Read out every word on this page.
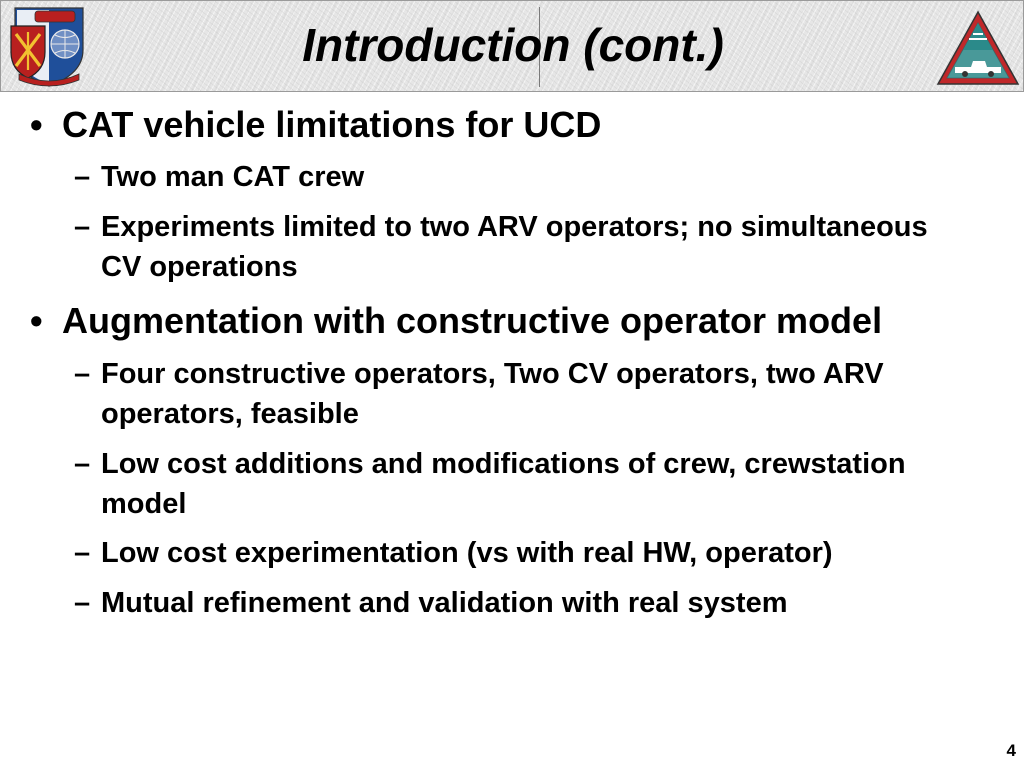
Introduction (cont.)
• CAT vehicle limitations for UCD
– Two man CAT crew
– Experiments limited to two ARV operators; no simultaneous CV operations
• Augmentation with constructive operator model
– Four constructive operators, Two CV operators, two ARV operators, feasible
– Low cost additions and modifications of crew, crewstation model
– Low cost experimentation (vs with real HW, operator)
– Mutual refinement and validation with real system
4
